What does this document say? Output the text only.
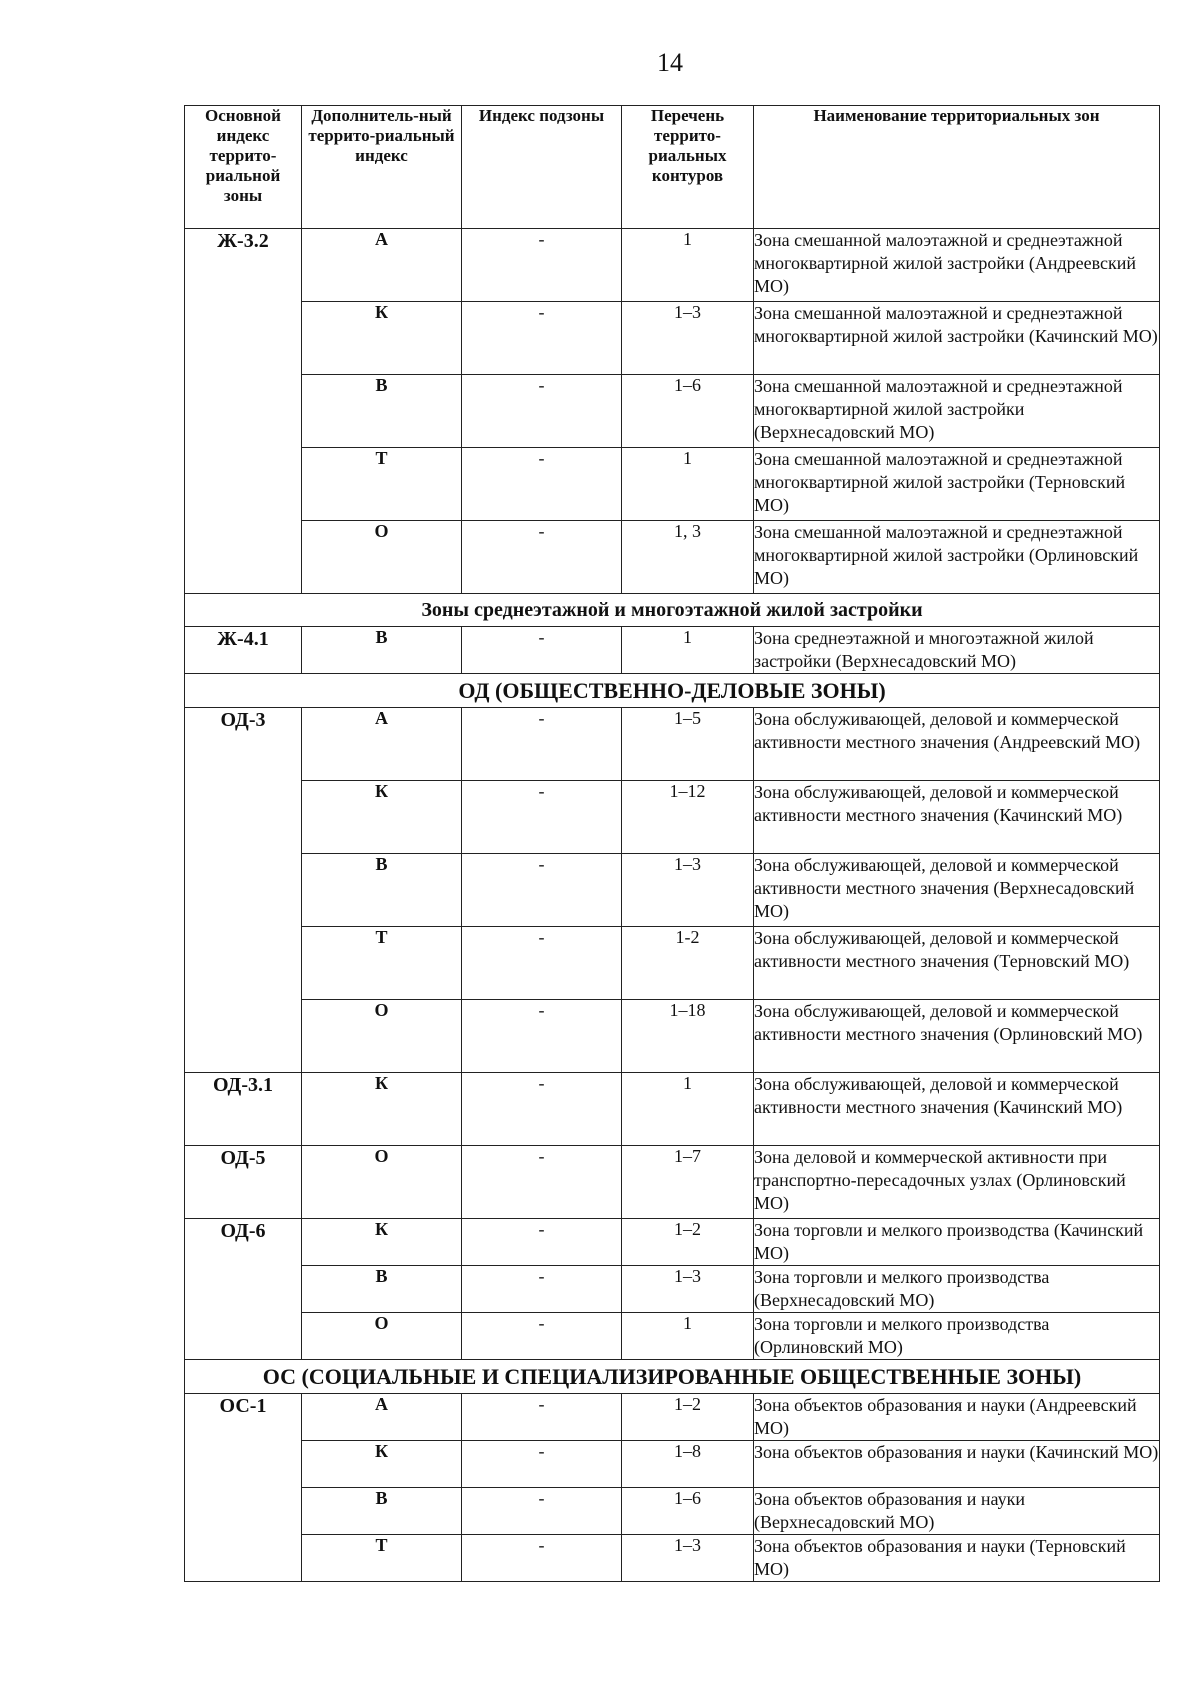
14
Основной индекс террито-риальной зоны	Дополнитель-ный террито-риальный индекс	Индекс подзоны	Перечень террито-риальных контуров	Наименование территориальных зон
Ж-3.2	А	-	1	Зона смешанной малоэтажной и среднеэтажной многоквартирной жилой застройки (Андреевский МО)
	К	-	1–3	Зона смешанной малоэтажной и среднеэтажной многоквартирной жилой застройки (Качинский МО)
	В	-	1–6	Зона смешанной малоэтажной и среднеэтажной многоквартирной жилой застройки (Верхнесадовский МО)
	Т	-	1	Зона смешанной малоэтажной и среднеэтажной многоквартирной жилой застройки (Терновский МО)
	О	-	1, 3	Зона смешанной малоэтажной и среднеэтажной многоквартирной жилой застройки (Орлиновский МО)
Зоны среднеэтажной и многоэтажной жилой застройки				
Ж-4.1	В	-	1	Зона среднеэтажной и многоэтажной жилой застройки (Верхнесадовский МО)
ОД (ОБЩЕСТВЕННО-ДЕЛОВЫЕ ЗОНЫ)				
ОД-3	А	-	1–5	Зона обслуживающей, деловой и коммерческой активности местного значения (Андреевский МО)
	К	-	1–12	Зона обслуживающей, деловой и коммерческой активности местного значения (Качинский МО)
	В	-	1–3	Зона обслуживающей, деловой и коммерческой активности местного значения (Верхнесадовский МО)
	Т	-	1-2	Зона обслуживающей, деловой и коммерческой активности местного значения (Терновский МО)
	О	-	1–18	Зона обслуживающей, деловой и коммерческой активности местного значения (Орлиновский МО)
ОД-3.1	К	-	1	Зона обслуживающей, деловой и коммерческой активности местного значения (Качинский МО)
ОД-5	О	-	1–7	Зона деловой и коммерческой активности при транспортно-пересадочных узлах (Орлиновский МО)
ОД-6	К	-	1–2	Зона торговли и мелкого производства (Качинский МО)
	В	-	1–3	Зона торговли и мелкого производства (Верхнесадовский МО)
	О	-	1	Зона торговли и мелкого производства (Орлиновский МО)
ОС (СОЦИАЛЬНЫЕ И СПЕЦИАЛИЗИРОВАННЫЕ ОБЩЕСТВЕННЫЕ ЗОНЫ)				
ОС-1	А	-	1–2	Зона объектов образования и науки (Андреевский МО)
	К	-	1–8	Зона объектов образования и науки (Качинский МО)
	В	-	1–6	Зона объектов образования и науки (Верхнесадовский МО)
	Т	-	1–3	Зона объектов образования и науки (Терновский МО)
